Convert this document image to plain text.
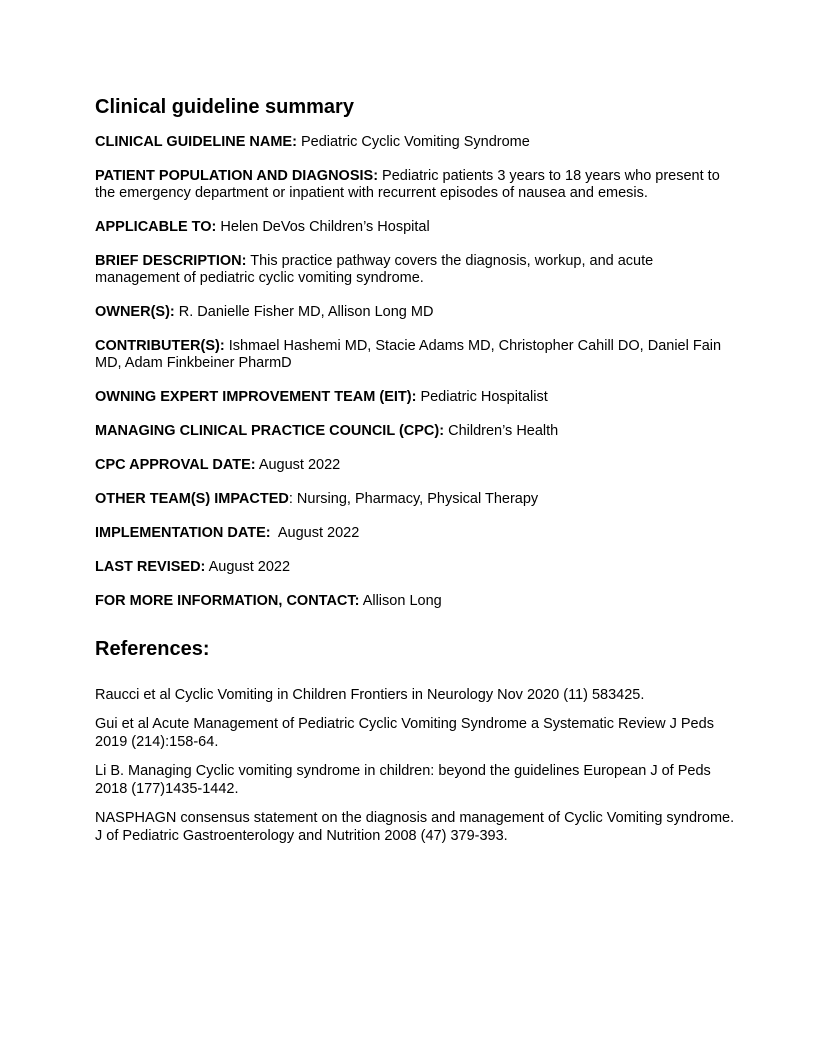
Clinical guideline summary
CLINICAL GUIDELINE NAME: Pediatric Cyclic Vomiting Syndrome
PATIENT POPULATION AND DIAGNOSIS: Pediatric patients 3 years to 18 years who present to the emergency department or inpatient with recurrent episodes of nausea and emesis.
APPLICABLE TO: Helen DeVos Children’s Hospital
BRIEF DESCRIPTION: This practice pathway covers the diagnosis, workup, and acute management of pediatric cyclic vomiting syndrome.
OWNER(S): R. Danielle Fisher MD, Allison Long MD
CONTRIBUTER(S): Ishmael Hashemi MD, Stacie Adams MD, Christopher Cahill DO, Daniel Fain MD, Adam Finkbeiner PharmD
OWNING EXPERT IMPROVEMENT TEAM (EIT): Pediatric Hospitalist
MANAGING CLINICAL PRACTICE COUNCIL (CPC): Children’s Health
CPC APPROVAL DATE: August 2022
OTHER TEAM(S) IMPACTED: Nursing, Pharmacy, Physical Therapy
IMPLEMENTATION DATE:  August 2022
LAST REVISED: August 2022
FOR MORE INFORMATION, CONTACT: Allison Long
References:
Raucci et al Cyclic Vomiting in Children Frontiers in Neurology Nov 2020 (11) 583425.
Gui et al Acute Management of Pediatric Cyclic Vomiting Syndrome a Systematic Review J Peds 2019 (214):158-64.
Li B. Managing Cyclic vomiting syndrome in children: beyond the guidelines European J of Peds 2018 (177)1435-1442.
NASPHAGN consensus statement on the diagnosis and management of Cyclic Vomiting syndrome. J of Pediatric Gastroenterology and Nutrition 2008 (47) 379-393.
